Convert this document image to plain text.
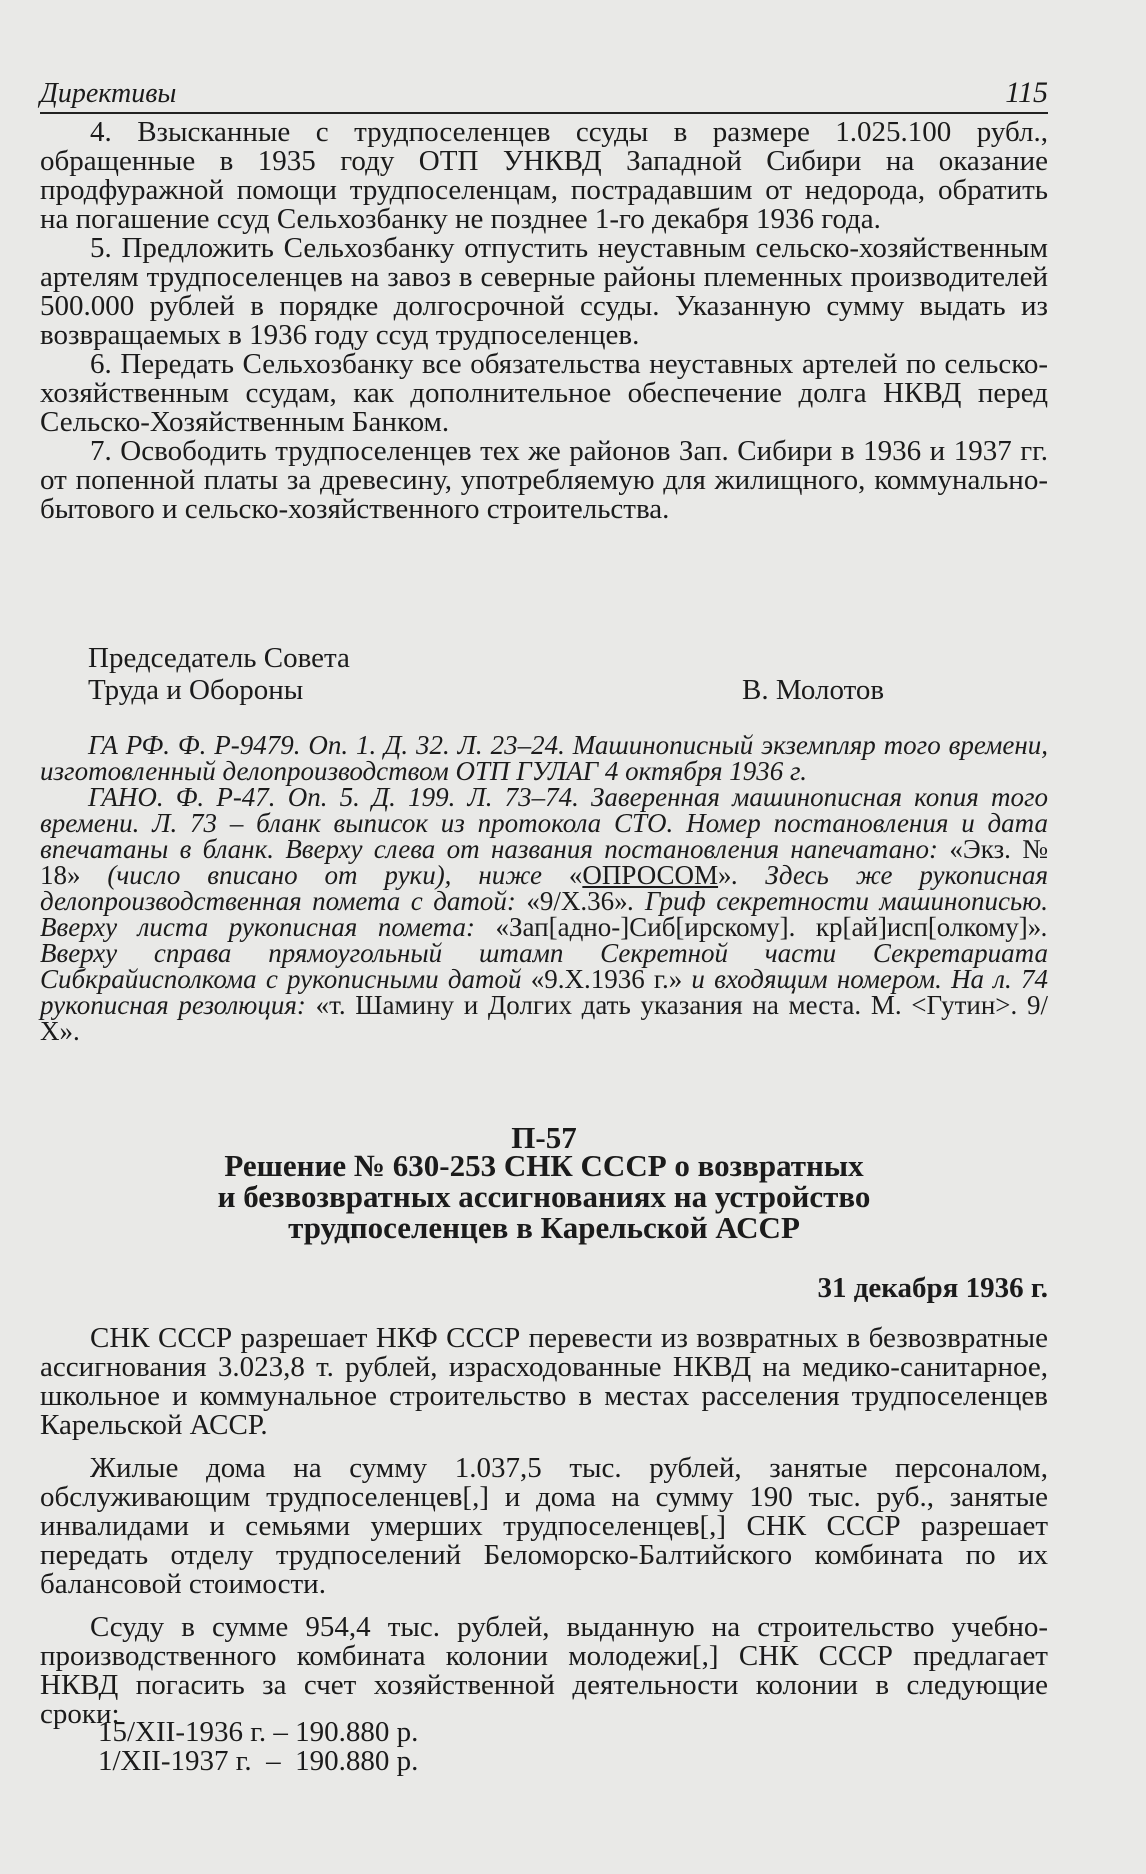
Директивы	115

4. Взысканные с трудпоселенцев ссуды в размере 1.025.100 рубл., обращенные в 1935 году ОТП УНКВД Западной Сибири на оказание продфуражной помощи трудпоселенцам, пострадавшим от недорода, обратить на погашение ссуд Сельхозбанку не позднее 1-го декабря 1936 года.

5. Предложить Сельхозбанку отпустить неуставным сельско-хозяйственным артелям трудпоселенцев на завоз в северные районы племенных производителей 500.000 рублей в порядке долгосрочной ссуды. Указанную сумму выдать из возвращаемых в 1936 году ссуд трудпоселенцев.

6. Передать Сельхозбанку все обязательства неуставных артелей по сельско-хозяйственным ссудам, как дополнительное обеспечение долга НКВД перед Сельско-Хозяйственным Банком.

7. Освободить трудпоселенцев тех же районов Зап. Сибири в 1936 и 1937 гг. от попенной платы за древесину, употребляемую для жилищного, коммунально-бытового и сельско-хозяйственного строительства.

Председатель Совета
Труда и Обороны	В. Молотов

ГА РФ. Ф. Р-9479. Оп. 1. Д. 32. Л. 23–24. Машинописный экземпляр того времени, изготовленный делопроизводством ОТП ГУЛАГ 4 октября 1936 г.

ГАНО. Ф. Р-47. Оп. 5. Д. 199. Л. 73–74. Заверенная машинописная копия того времени. Л. 73 – бланк выписок из протокола СТО. Номер постановления и дата впечатаны в бланк. Вверху слева от названия постановления напечатано: «Экз. № 18» (число вписано от руки), ниже «ОПРОСОМ». Здесь же рукописная делопроизводственная помета с датой: «9/Х.36». Гриф секретности машинописью. Вверху листа рукописная помета: «Зап[адно-]Сиб[ирскому]. кр[ай]исп[олкому]». Вверху справа прямоугольный штамп Секретной части Секретариата Сибкрайисполкома с рукописными датой «9.Х.1936 г.» и входящим номером. На л. 74 рукописная резолюция: «т. Шамину и Долгих дать указания на места. М. <Гутин>. 9/Х».

П-57
Решение № 630-253 СНК СССР о возвратных
и безвозвратных ассигнованиях на устройство
трудпоселенцев в Карельской АССР
31 декабря 1936 г.

СНК СССР разрешает НКФ СССР перевести из возвратных в безвозвратные ассигнования 3.023,8 т. рублей, израсходованные НКВД на медико-санитарное, школьное и коммунальное строительство в местах расселения трудпоселенцев Карельской АССР.

Жилые дома на сумму 1.037,5 тыс. рублей, занятые персоналом, обслуживающим трудпоселенцев[,] и дома на сумму 190 тыс. руб., занятые инвалидами и семьями умерших трудпоселенцев[,] СНК СССР разрешает передать отделу трудпоселений Беломорско-Балтийского комбината по их балансовой стоимости.

Ссуду в сумме 954,4 тыс. рублей, выданную на строительство учебно-производственного комбината колонии молодежи[,] СНК СССР предлагает НКВД погасить за счет хозяйственной деятельности колонии в следующие сроки:

15/XII-1936 г. – 190.880 р.
1/XII-1937 г.  –  190.880 р.
